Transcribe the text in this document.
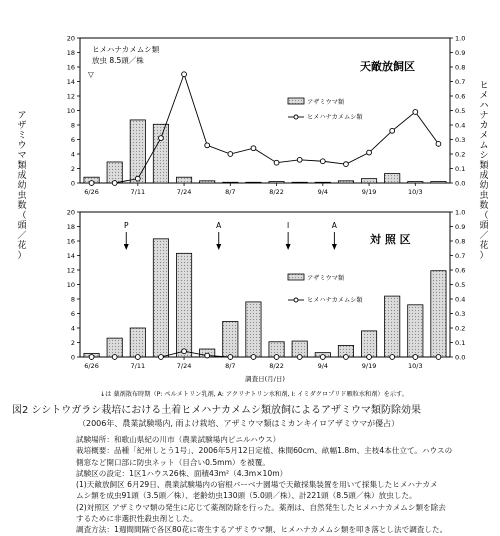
0
2
4
6
8
10
12
14
16
18
20
0.0
0.1
0.2
0.3
0.4
0.5
0.6
0.7
0.8
0.9
1.0
6/26	7/11	7/24	8/7	8/22	9/4	9/19	10/3
天敵放飼区
ヒメハナカメムシ類
放虫 8.5頭／株
▽
アザミウマ類
ヒメハナカメムシ類
0
2
4
6
8
10
12
14
16
18
20
0.0
0.1
0.2
0.3
0.4
0.5
0.6
0.7
0.8
0.9
1.0
6/26	7/11	7/24	8/7	8/22	9/4	9/19	10/3
P	A	I	A
対 照 区
アザミウマ類
ヒメハナカメムシ類
調査日(月/日)
アザミウマ類成幼虫数（頭／花）
ヒメハナカメムシ類成幼虫数（頭／花）
↓は 薬剤散布時期（P: ペルメトリン乳剤, A: アクリナトリン水和剤, I: イミダクロプリド顆粒水和剤）を示す。
図2 シシトウガラシ栽培における土着ヒメハナカメムシ類放飼によるアザミウマ類防除効果
（2006年、農業試験場内, 雨よけ栽培、アザミウマ類はミカンキイロアザミウマが優占）
試験場所：和歌山県紀の川市（農業試験場内ビニルハウス）
栽培概要：品種「紀州しとう1号」、2006年5月12日定植、株間60cm、畝幅1.8m、主枝4本仕立て。ハウスの
側窓など開口部に防虫ネット（目合い0.5mm）を被覆。
試験区の設定：1区1ハウス26株、面積43m²（4.3m×10m）
(1)天敵放飼区 6月29日、農業試験場内の宿根バーベナ園場で天敵採集装置を用いて採集したヒメハナカメ
ムシ類を成虫91頭（3.5頭／株）、老齢幼虫130頭（5.0頭／株）、計221頭（8.5頭／株）放虫した。
(2)対照区 アザミウマ類の発生に応じて薬剤防除を行った。薬剤は、自然発生したヒメハナカメムシ類を除去
するために非選択性殺虫剤とした。
調査方法：1週間間隔で各区80花に寄生するアザミウマ類、ヒメハナカメムシ類を叩き落とし法で調査した。
